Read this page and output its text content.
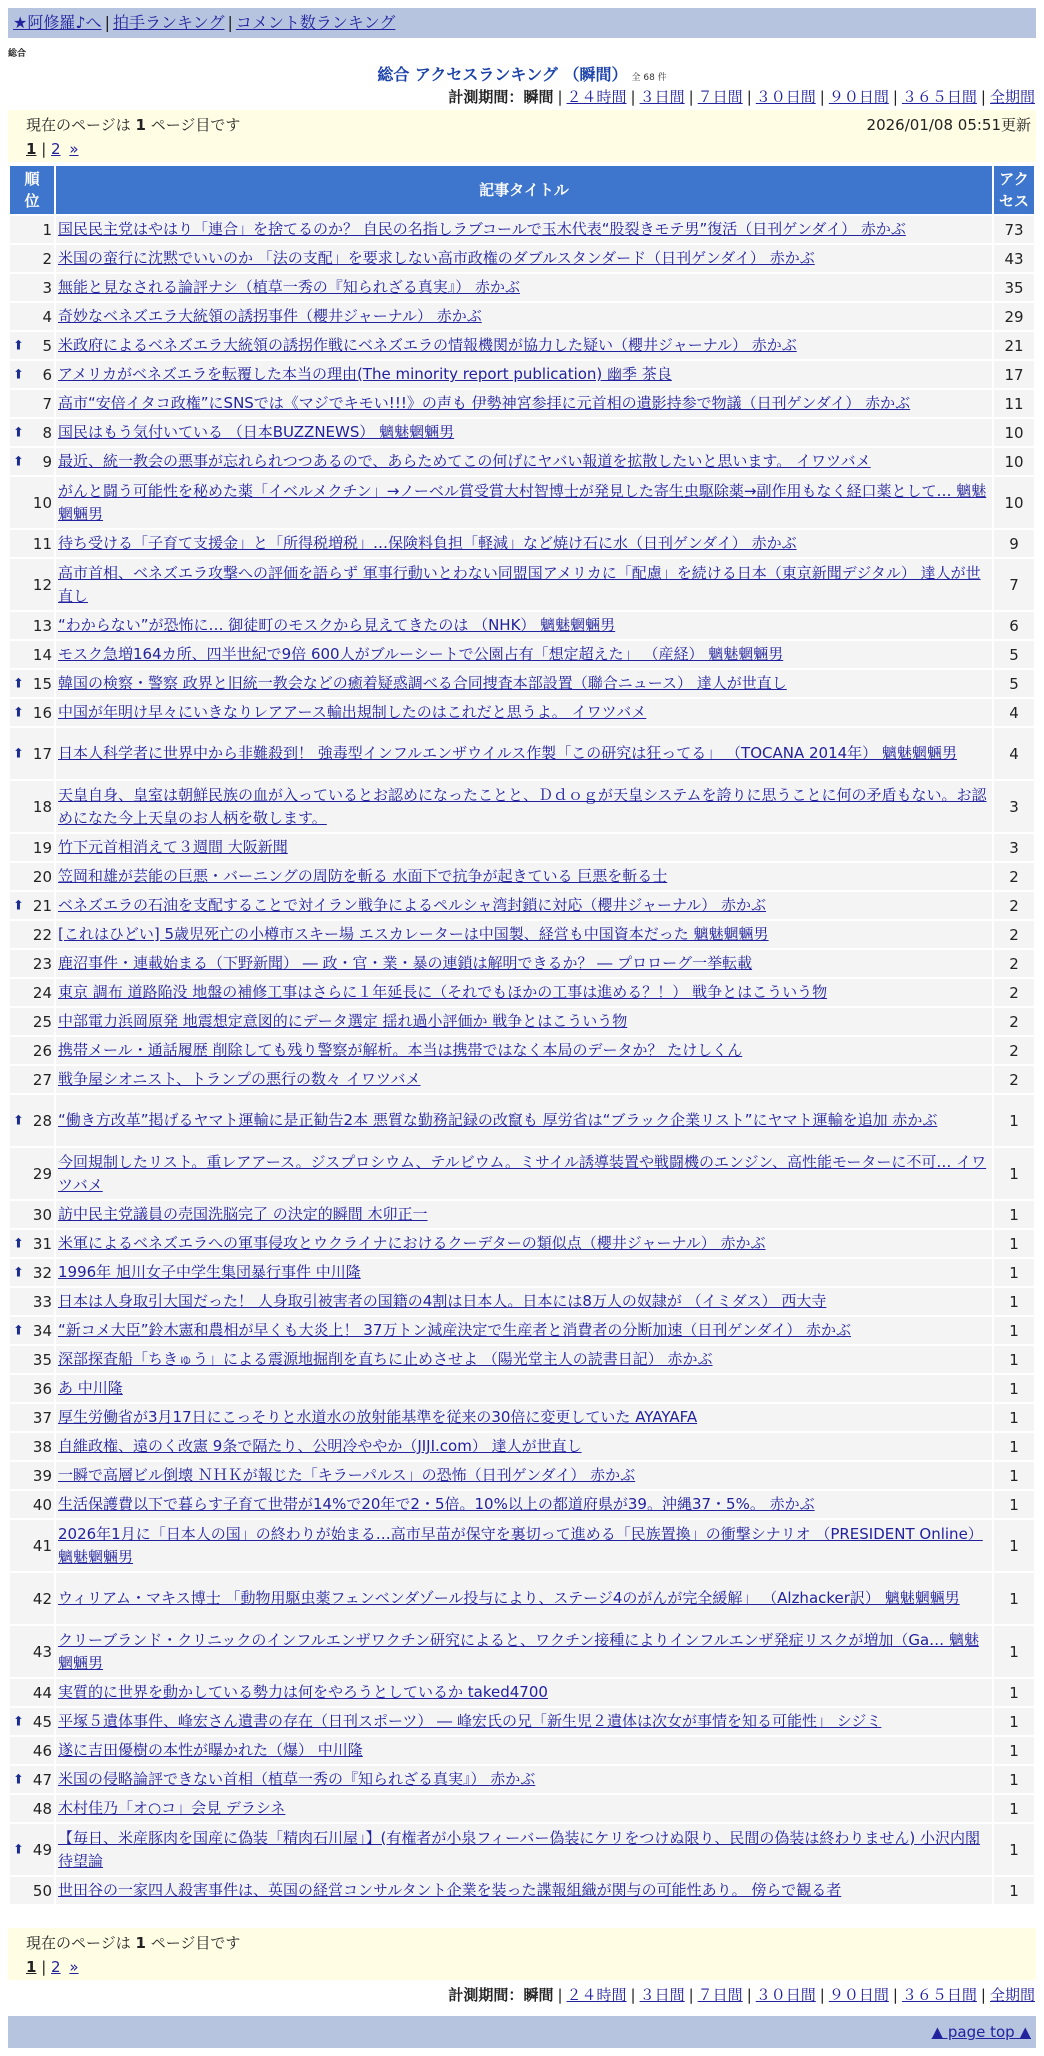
★阿修羅♪へ | 拍手ランキング | コメント数ランキング
総合
総合 アクセスランキング （瞬間） 全 68 件
計測期間：瞬間 | ２４時間 | ３日間 | ７日間 | ３０日間 | ９０日間 | ３６５日間 | 全期間
現在のページは 1 ページ目です	2026/01/08 05:51更新
1 | 2 »
順
位	記事タイトル	アク
セス
1	国民民主党はやはり「連合」を捨てるのか？ 自民の名指しラブコールで玉木代表“股裂きモテ男”復活（日刊ゲンダイ） 赤かぶ	73
2	米国の蛮行に沈黙でいいのか 「法の支配」を要求しない高市政権のダブルスタンダード（日刊ゲンダイ） 赤かぶ	43
3	無能と見なされる論評ナシ（植草一秀の『知られざる真実』） 赤かぶ	35
4	奇妙なベネズエラ大統領の誘拐事件（櫻井ジャーナル） 赤かぶ	29

⬆ 5	米政府によるベネズエラ大統領の誘拐作戦にベネズエラの情報機関が協力した疑い（櫻井ジャーナル） 赤かぶ	21

⬆ 6	アメリカがベネズエラを転覆した本当の理由(The minority report publication) 幽季 茶良	17
7	高市“安倍イタコ政権”にSNSでは《マジでキモい!!!》の声も 伊勢神宮参拝に元首相の遺影持参で物議（日刊ゲンダイ） 赤かぶ	11

⬆ 8	国民はもう気付いている （日本BUZZNEWS） 魑魅魍魎男	10

⬆ 9	最近、統一教会の悪事が忘れられつつあるので、あらためてこの何げにヤバい報道を拡散したいと思います。 イワツバメ	10
10	がんと闘う可能性を秘めた薬「イベルメクチン」→ノーベル賞受賞大村智博士が発見した寄生虫駆除薬→副作用もなく経口薬として… 魑魅魍魎男	10
11	待ち受ける「子育て支援金」と「所得税増税」…保険料負担「軽減」など焼け石に水（日刊ゲンダイ） 赤かぶ	9
12	高市首相、ベネズエラ攻撃への評価を語らず 軍事行動いとわない同盟国アメリカに「配慮」を続ける日本（東京新聞デジタル） 達人が世直し	7
13	“わからない”が恐怖に… 御徒町のモスクから見えてきたのは （NHK） 魑魅魍魎男	6
14	モスク急増164カ所、四半世紀で9倍 600人がブルーシートで公園占有「想定超えた」 （産経） 魑魅魍魎男	5

⬆ 15	韓国の検察・警察 政界と旧統一教会などの癒着疑惑調べる合同捜査本部設置（聯合ニュース） 達人が世直し	5

⬆ 16	中国が年明け早々にいきなりレアアース輸出規制したのはこれだと思うよ。 イワツバメ	4

⬆ 17	日本人科学者に世界中から非難殺到！ 強毒型インフルエンザウイルス作製「この研究は狂ってる」 （TOCANA 2014年） 魑魅魍魎男	4
18	天皇自身、皇室は朝鮮民族の血が入っているとお認めになったことと、Ｄｄｏｇが天皇システムを誇りに思うことに何の矛盾もない。お認めになた今上天皇のお人柄を敬します。	3
19	竹下元首相消えて３週間 大阪新聞	3
20	笠岡和雄が芸能の巨悪・バーニングの周防を斬る 水面下で抗争が起きている 巨悪を斬る士	2

⬆ 21	ベネズエラの石油を支配することで対イラン戦争によるペルシャ湾封鎖に対応（櫻井ジャーナル） 赤かぶ	2
22	[これはひどい] 5歳児死亡の小樽市スキー場 エスカレーターは中国製、経営も中国資本だった 魑魅魍魎男	2
23	鹿沼事件・連載始まる（下野新聞） ― 政・官・業・暴の連鎖は解明できるか？ ― プロローグ一挙転載	2
24	東京 調布 道路陥没 地盤の補修工事はさらに１年延長に（それでもほかの工事は進める？！） 戦争とはこういう物	2
25	中部電力浜岡原発 地震想定意図的にデータ選定 揺れ過小評価か 戦争とはこういう物	2
26	携帯メール・通話履歴 削除しても残り警察が解析。本当は携帯ではなく本局のデータか？ たけしくん	2
27	戦争屋シオニスト、トランプの悪行の数々 イワツバメ	2

⬆ 28	“働き方改革”掲げるヤマト運輸に是正勧告2本 悪質な勤務記録の改竄も 厚労省は“ブラック企業リスト”にヤマト運輸を追加 赤かぶ	1
29	今回規制したリスト。重レアアース。ジスプロシウム、テルビウム。ミサイル誘導装置や戦闘機のエンジン、高性能モーターに不可… イワツバメ	1
30	訪中民主党議員の売国洗脳完了 の決定的瞬間 木卯正一	1

⬆ 31	米軍によるベネズエラへの軍事侵攻とウクライナにおけるクーデターの類似点（櫻井ジャーナル） 赤かぶ	1

⬆ 32	1996年 旭川女子中学生集団暴行事件 中川隆	1
33	日本は人身取引大国だった！ 人身取引被害者の国籍の4割は日本人。日本には8万人の奴隷が （イミダス） 西大寺	1

⬆ 34	“新コメ大臣”鈴木憲和農相が早くも大炎上！ 37万トン減産決定で生産者と消費者の分断加速（日刊ゲンダイ） 赤かぶ	1
35	深部探査船「ちきゅう」による震源地掘削を直ちに止めさせよ （陽光堂主人の読書日記） 赤かぶ	1
36	あ 中川隆	1
37	厚生労働省が3月17日にこっそりと水道水の放射能基準を従来の30倍に変更していた AYAYAFA	1
38	自維政権、遠のく改憲 9条で隔たり、公明冷ややか（JIJI.com） 達人が世直し	1
39	一瞬で高層ビル倒壊 ＮＨＫが報じた「キラーパルス」の恐怖（日刊ゲンダイ） 赤かぶ	1
40	生活保護費以下で暮らす子育て世帯が14%で20年で2・5倍。10%以上の都道府県が39。沖縄37・5%。 赤かぶ	1
41	2026年1月に「日本人の国」の終わりが始まる…高市早苗が保守を裏切って進める「民族置換」の衝撃シナリオ （PRESIDENT Online） 魑魅魍魎男	1
42	ウィリアム・マキス博士 「動物用駆虫薬フェンベンダゾール投与により、ステージ4のがんが完全緩解」 （Alzhacker訳） 魑魅魍魎男	1
43	クリーブランド・クリニックのインフルエンザワクチン研究によると、ワクチン接種によりインフルエンザ発症リスクが増加（Ga… 魑魅魍魎男	1
44	実質的に世界を動かしている勢力は何をやろうとしているか taked4700	1

⬆ 45	平塚５遺体事件、峰宏さん遺書の存在（日刊スポーツ） ― 峰宏氏の兄「新生児２遺体は次女が事情を知る可能性」 シジミ	1
46	遂に吉田優樹の本性が曝かれた（爆） 中川隆	1

⬆ 47	米国の侵略論評できない首相（植草一秀の『知られざる真実』） 赤かぶ	1
48	木村佳乃「オ○コ」会見 デラシネ	1

⬆ 49	【毎日、米産豚肉を国産に偽装「精肉石川屋」】(有権者が小泉フィーバー偽装にケリをつけぬ限り、民間の偽装は終わりません) 小沢内閣待望論	1
50	世田谷の一家四人殺害事件は、英国の経営コンサルタント企業を装った諜報組織が関与の可能性あり。 傍らで観る者	1
現在のページは 1 ページ目です
1 | 2 »
計測期間：瞬間 | ２４時間 | ３日間 | ７日間 | ３０日間 | ９０日間 | ３６５日間 | 全期間
▲ page top ▲
